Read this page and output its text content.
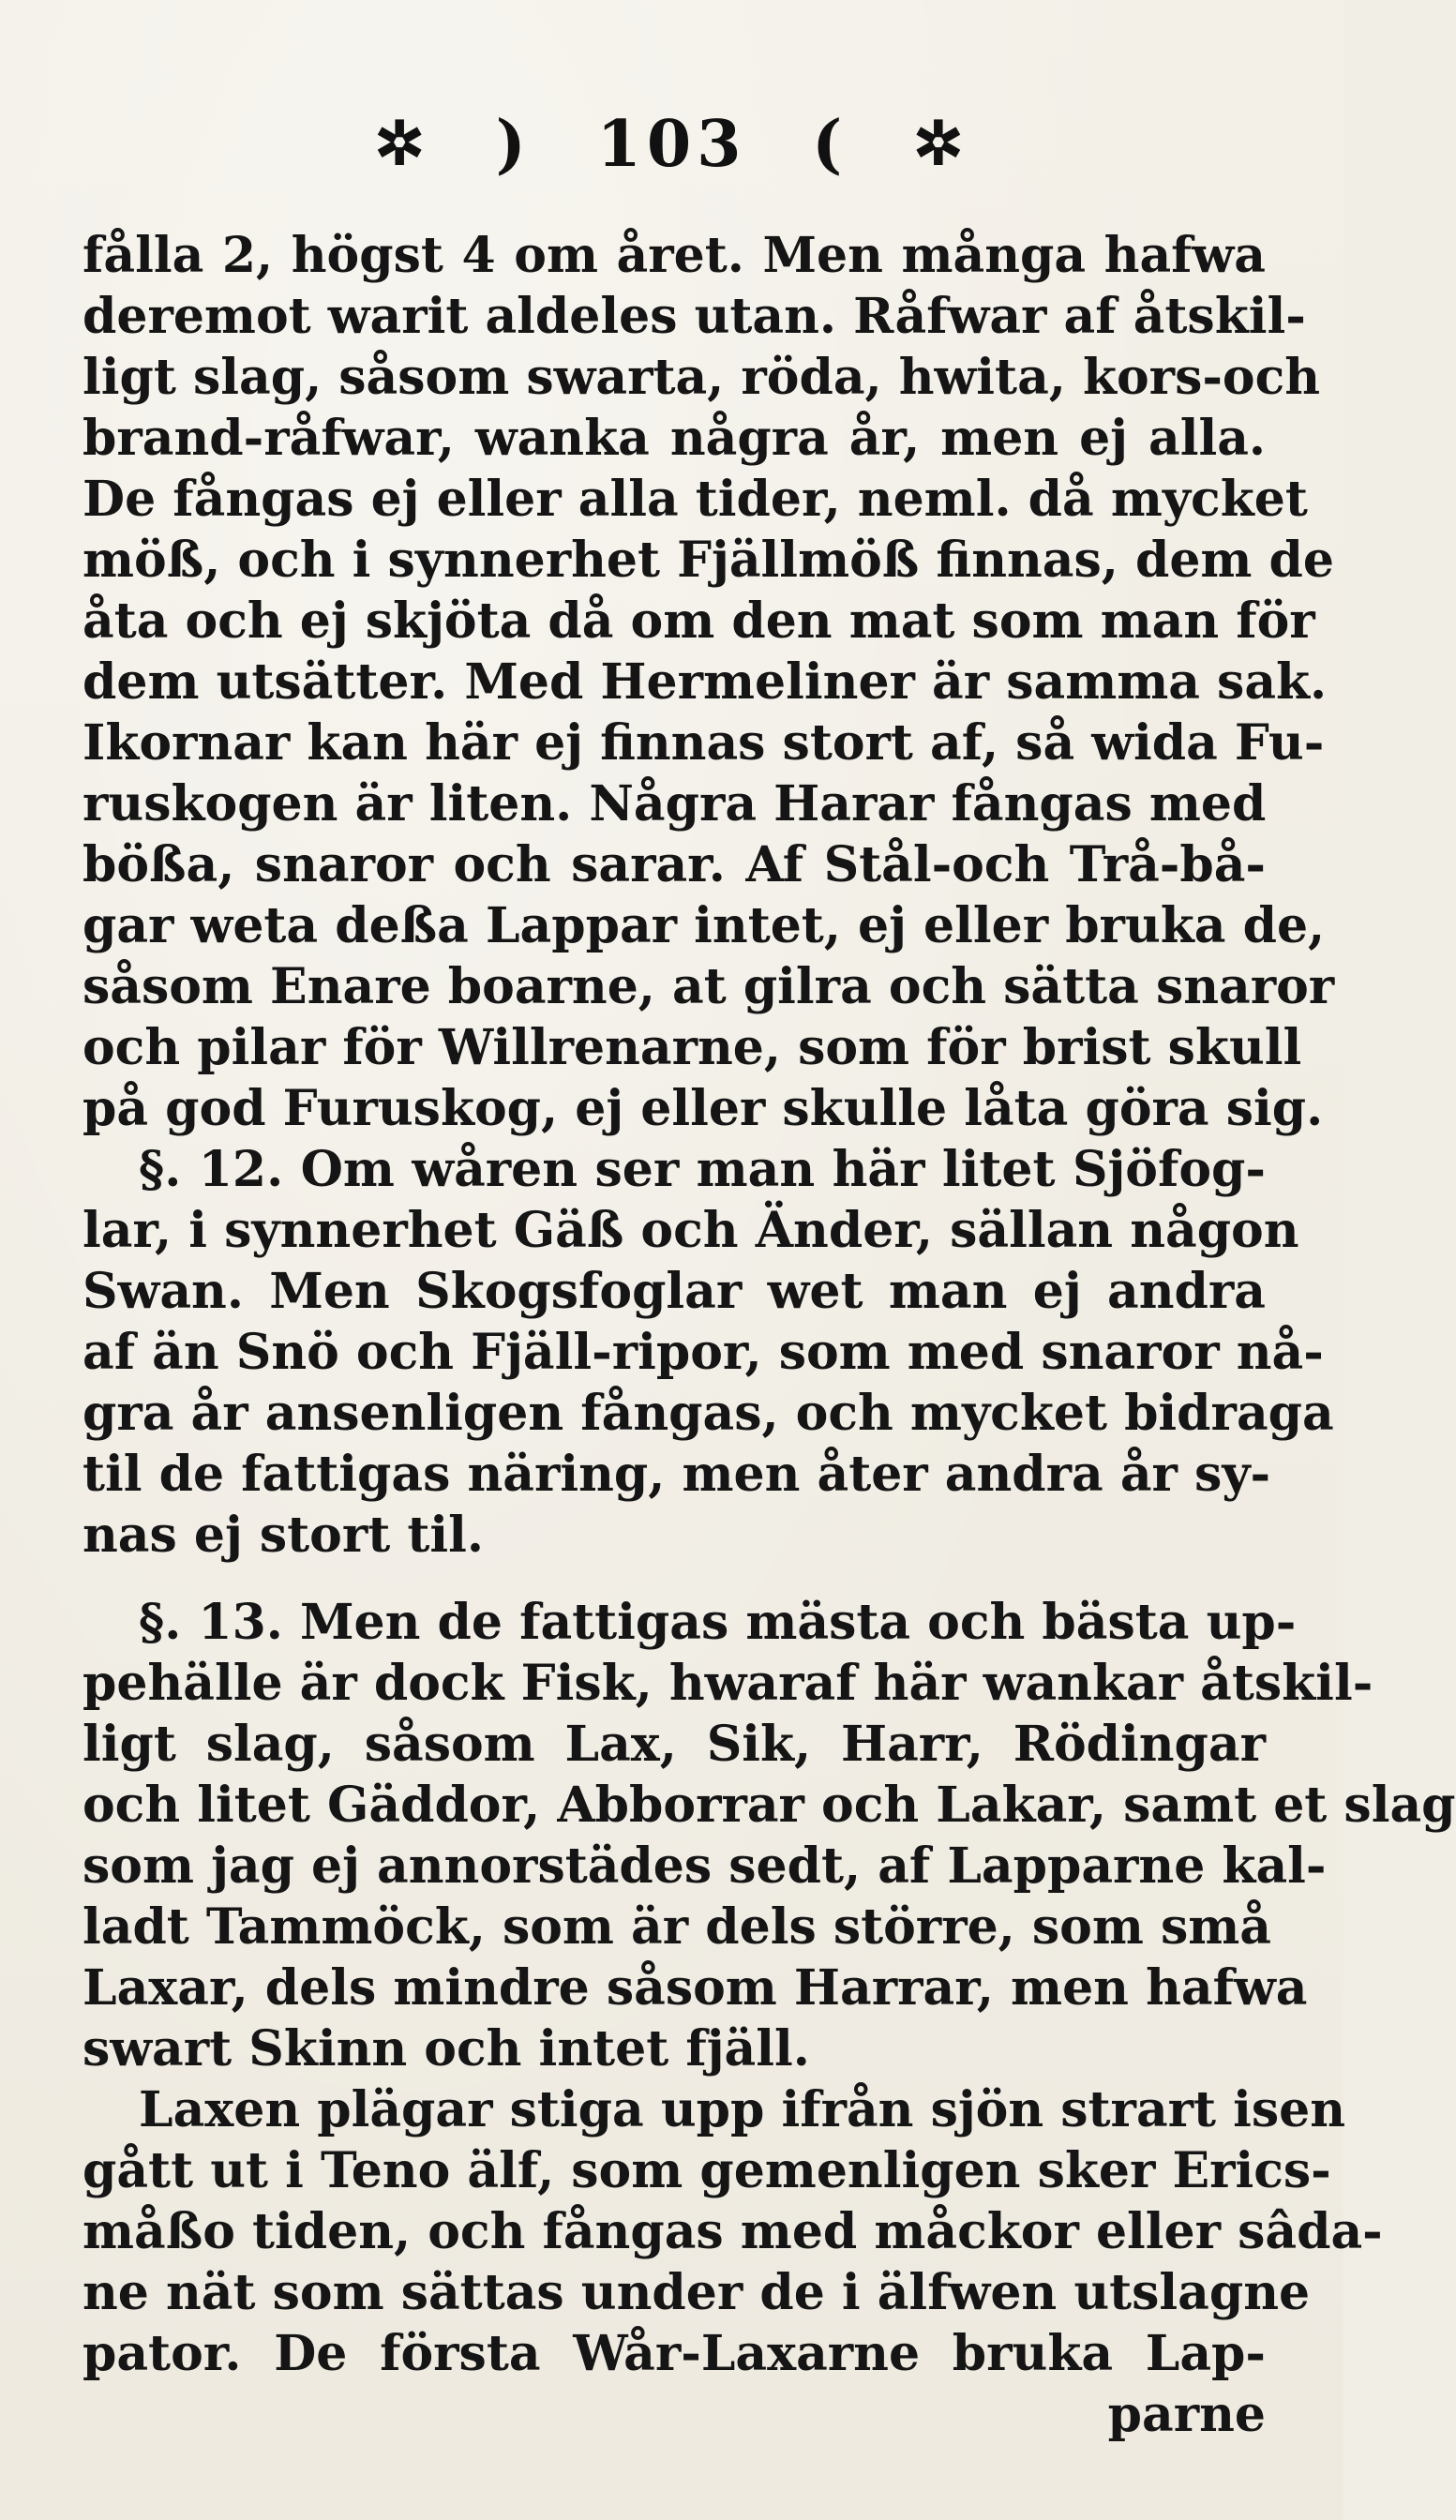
✲ ) 103 ( ✲
fålla 2, högst 4 om året. Men många hafwa
deremot warit aldeles utan. Råfwar af åtskil-
ligt slag, såsom swarta, röda, hwita, kors-och
brand-råfwar, wanka några år, men ej alla.
De fångas ej eller alla tider, neml. då mycket
möß, och i synnerhet Fjällmöß finnas, dem de
åta och ej skjöta då om den mat som man för
dem utsätter. Med Hermeliner är samma sak.
Ikornar kan här ej finnas stort af, så wida Fu-
ruskogen är liten. Några Harar fångas med
bößa, snaror och sarar. Af Stål-och Trå-bå-
gar weta deßa Lappar intet, ej eller bruka de,
såsom Enare boarne, at gilra och sätta snaror
och pilar för Willrenarne, som för brist skull
på god Furuskog, ej eller skulle låta göra sig.
§. 12. Om wåren ser man här litet Sjöfog-
lar, i synnerhet Gäß och Änder, sällan någon
Swan. Men Skogsfoglar wet man ej andra
af än Snö och Fjäll-ripor, som med snaror nå-
gra år ansenligen fångas, och mycket bidraga
til de fattigas näring, men åter andra år sy-
nas ej stort til.
§. 13. Men de fattigas mästa och bästa up-
pehälle är dock Fisk, hwaraf här wankar åtskil-
ligt slag, såsom Lax, Sik, Harr, Rödingar
och litet Gäddor, Abborrar och Lakar, samt et slag
som jag ej annorstädes sedt, af Lapparne kal-
ladt Tammöck, som är dels större, som små
Laxar, dels mindre såsom Harrar, men hafwa
swart Skinn och intet fjäll.
Laxen plägar stiga upp ifrån sjön strart isen
gått ut i Teno älf, som gemenligen sker Erics-
måßo tiden, och fångas med måckor eller sâda-
ne nät som sättas under de i älfwen utslagne
pator. De första Wår-Laxarne bruka Lap-
parne
